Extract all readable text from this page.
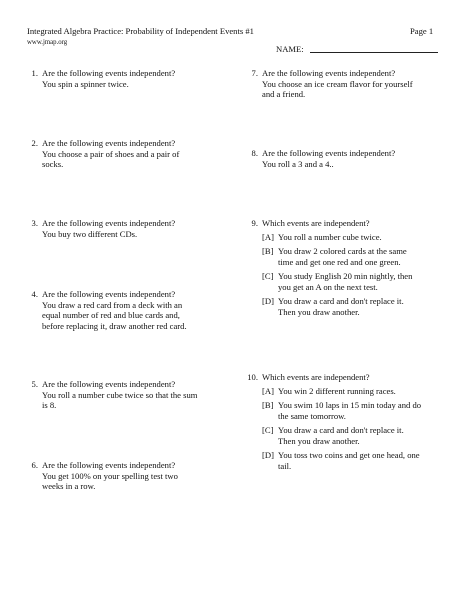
Integrated Algebra Practice: Probability of Independent Events #1	Page 1
www.jmap.org
NAME:
1. Are the following events independent?
You spin a spinner twice.
2. Are the following events independent?
You choose a pair of shoes and a pair of
socks.
3. Are the following events independent?
You buy two different CDs.
4. Are the following events independent?
You draw a red card from a deck with an
equal number of red and blue cards and,
before replacing it, draw another red card.
5. Are the following events independent?
You roll a number cube twice so that the sum
is 8.
6. Are the following events independent?
You get 100% on your spelling test two
weeks in a row.
7. Are the following events independent?
You choose an ice cream flavor for yourself
and a friend.
8. Are the following events independent?
You roll a 3 and a 4..
9. Which events are independent?
[A] You roll a number cube twice.
[B] You draw 2 colored cards at the same
time and get one red and one green.
[C] You study English 20 min nightly, then
you get an A on the next test.
[D] You draw a card and don't replace it.
Then you draw another.
10. Which events are independent?
[A] You win 2 different running races.
[B] You swim 10 laps in 15 min today and do
the same tomorrow.
[C] You draw a card and don't replace it.
Then you draw another.
[D] You toss two coins and get one head, one
tail.
